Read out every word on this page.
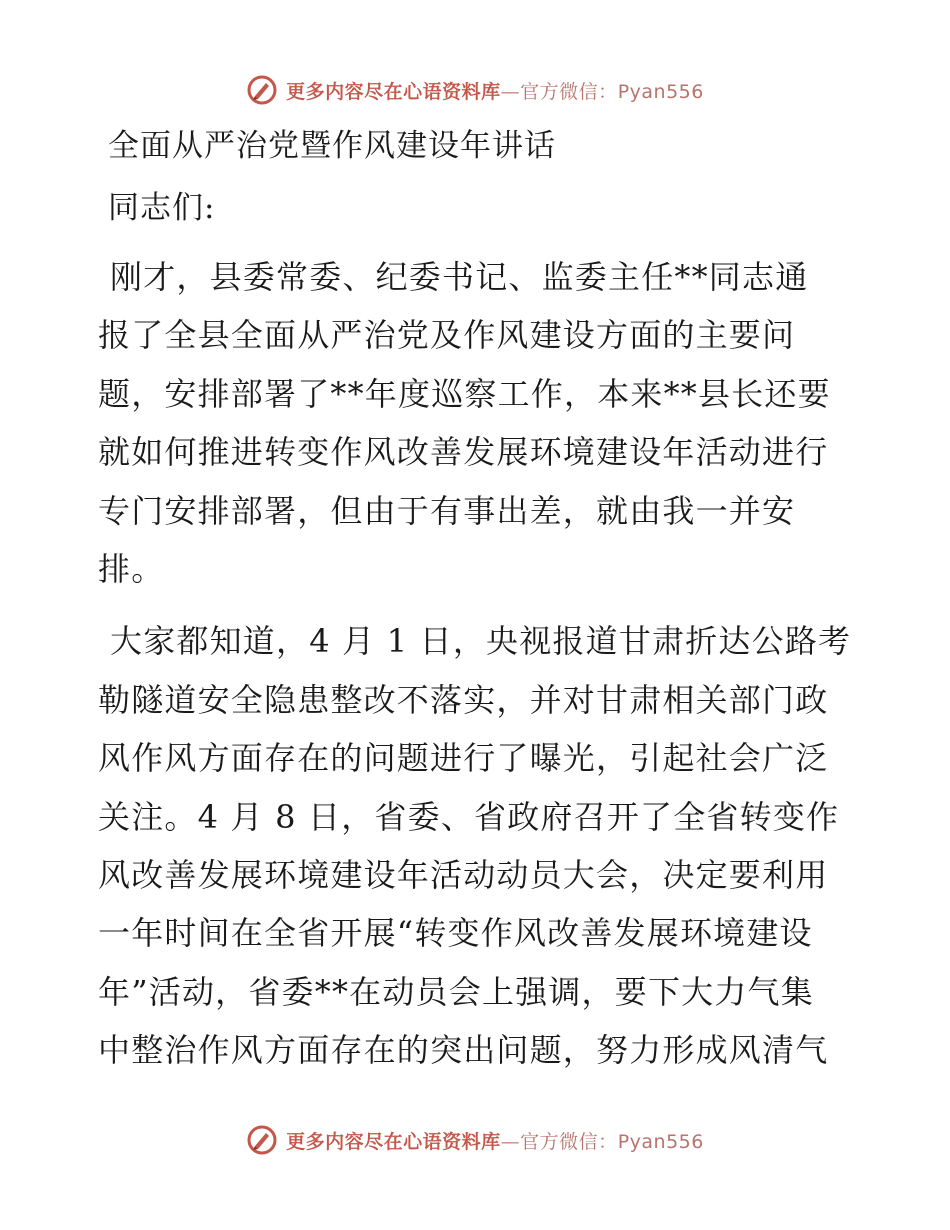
更多内容尽在心语资料库—官方微信：Pyan556
全面从严治党暨作风建设年讲话
同志们:
刚才，县委常委、纪委书记、监委主任**同志通
报了全县全面从严治党及作风建设方面的主要问
题，安排部署了**年度巡察工作，本来**县长还要
就如何推进转变作风改善发展环境建设年活动进行
专门安排部署，但由于有事出差，就由我一并安
排。
大家都知道，4 月 1 日，央视报道甘肃折达公路考
勒隧道安全隐患整改不落实，并对甘肃相关部门政
风作风方面存在的问题进行了曝光，引起社会广泛
关注。4 月 8 日，省委、省政府召开了全省转变作
风改善发展环境建设年活动动员大会，决定要利用
一年时间在全省开展“转变作风改善发展环境建设
年”活动，省委**在动员会上强调，要下大力气集
中整治作风方面存在的突出问题，努力形成风清气
更多内容尽在心语资料库—官方微信：Pyan556
